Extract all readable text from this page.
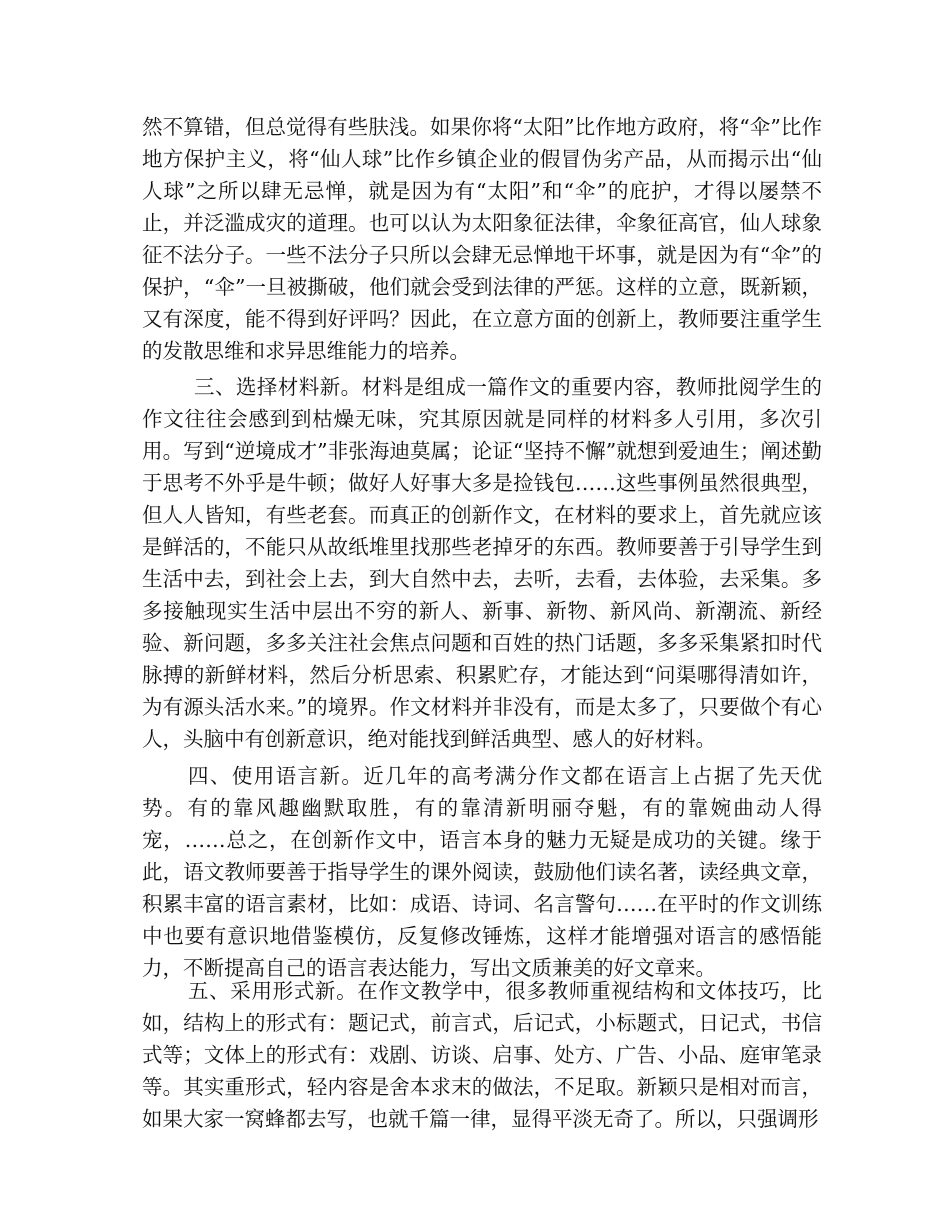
然不算错，但总觉得有些肤浅。如果你将“太阳”比作地方政府，将“伞”比作地方保护主义，将“仙人球”比作乡镇企业的假冒伪劣产品，从而揭示出“仙人球”之所以肆无忌惮，就是因为有“太阳”和“伞”的庇护，才得以屡禁不止，并泛滥成灾的道理。也可以认为太阳象征法律，伞象征高官，仙人球象征不法分子。一些不法分子只所以会肆无忌惮地干坏事，就是因为有“伞”的保护，“伞”一旦被撕破，他们就会受到法律的严惩。这样的立意，既新颖，又有深度，能不得到好评吗？因此，在立意方面的创新上，教师要注重学生的发散思维和求异思维能力的培养。

三、选择材料新。材料是组成一篇作文的重要内容，教师批阅学生的作文往往会感到到枯燥无味，究其原因就是同样的材料多人引用，多次引用。写到“逆境成才”非张海迪莫属；论证“坚持不懈”就想到爱迪生；阐述勤于思考不外乎是牛顿；做好人好事大多是捡钱包……这些事例虽然很典型，但人人皆知，有些老套。而真正的创新作文，在材料的要求上，首先就应该是鲜活的，不能只从故纸堆里找那些老掉牙的东西。教师要善于引导学生到生活中去，到社会上去，到大自然中去，去听，去看，去体验，去采集。多多接触现实生活中层出不穷的新人、新事、新物、新风尚、新潮流、新经验、新问题，多多关注社会焦点问题和百姓的热门话题，多多采集紧扣时代脉搏的新鲜材料，然后分析思索、积累贮存，才能达到“问渠哪得清如许，为有源头活水来。”的境界。作文材料并非没有，而是太多了，只要做个有心人，头脑中有创新意识，绝对能找到鲜活典型、感人的好材料。

四、使用语言新。近几年的高考满分作文都在语言上占据了先天优势。有的靠风趣幽默取胜，有的靠清新明丽夺魁，有的靠婉曲动人得宠，……总之，在创新作文中，语言本身的魅力无疑是成功的关键。缘于此，语文教师要善于指导学生的课外阅读，鼓励他们读名著，读经典文章，积累丰富的语言素材，比如：成语、诗词、名言警句……在平时的作文训练中也要有意识地借鉴模仿，反复修改锤炼，这样才能增强对语言的感悟能力，不断提高自己的语言表达能力，写出文质兼美的好文章来。

五、采用形式新。在作文教学中，很多教师重视结构和文体技巧，比如，结构上的形式有：题记式，前言式，后记式，小标题式，日记式，书信式等；文体上的形式有：戏剧、访谈、启事、处方、广告、小品、庭审笔录等。其实重形式，轻内容是舍本求末的做法，不足取。新颖只是相对而言，如果大家一窝蜂都去写，也就千篇一律，显得平淡无奇了。所以，只强调形
